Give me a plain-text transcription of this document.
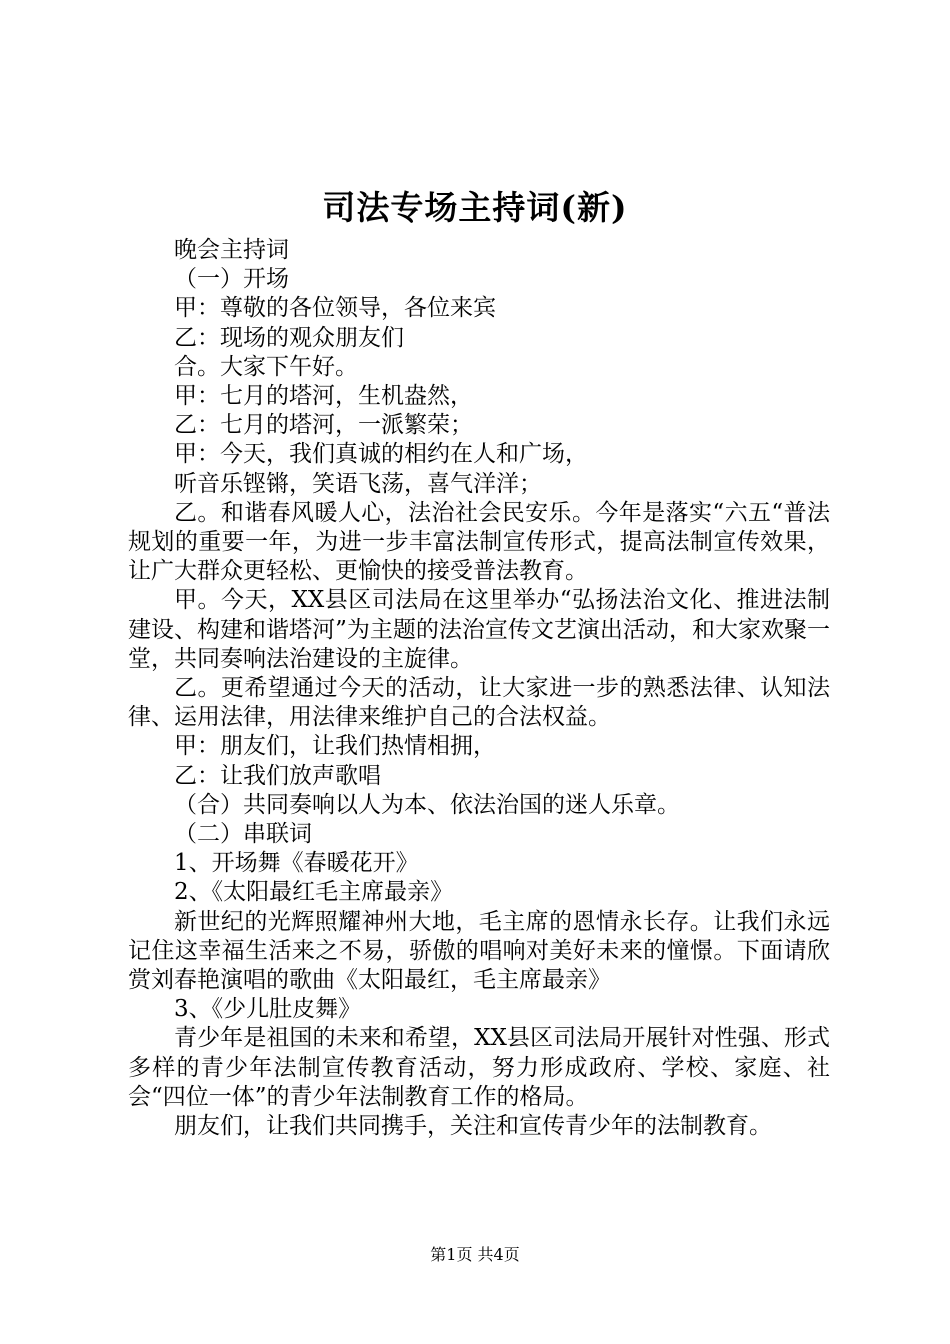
司法专场主持词(新)

晚会主持词

（一）开场

甲：尊敬的各位领导，各位来宾

乙：现场的观众朋友们

合。大家下午好。

甲：七月的塔河，生机盎然，

乙：七月的塔河，一派繁荣；

甲：今天，我们真诚的相约在人和广场，

听音乐铿锵，笑语飞荡，喜气洋洋；

乙。和谐春风暖人心，法治社会民安乐。今年是落实“六五“普法规划的重要一年，为进一步丰富法制宣传形式，提高法制宣传效果，让广大群众更轻松、更愉快的接受普法教育。

甲。今天，XX县区司法局在这里举办“弘扬法治文化、推进法制建设、构建和谐塔河”为主题的法治宣传文艺演出活动，和大家欢聚一堂，共同奏响法治建设的主旋律。

乙。更希望通过今天的活动，让大家进一步的熟悉法律、认知法律、运用法律，用法律来维护自己的合法权益。

甲：朋友们，让我们热情相拥，

乙：让我们放声歌唱

（合）共同奏响以人为本、依法治国的迷人乐章。

（二）串联词

1、开场舞《春暖花开》

2、《太阳最红毛主席最亲》

新世纪的光辉照耀神州大地，毛主席的恩情永长存。让我们永远记住这幸福生活来之不易，骄傲的唱响对美好未来的憧憬。下面请欣赏刘春艳演唱的歌曲《太阳最红，毛主席最亲》

3、《少儿肚皮舞》

青少年是祖国的未来和希望，XX县区司法局开展针对性强、形式多样的青少年法制宣传教育活动，努力形成政府、学校、家庭、社会“四位一体”的青少年法制教育工作的格局。

朋友们，让我们共同携手，关注和宣传青少年的法制教育。

第1页 共4页
